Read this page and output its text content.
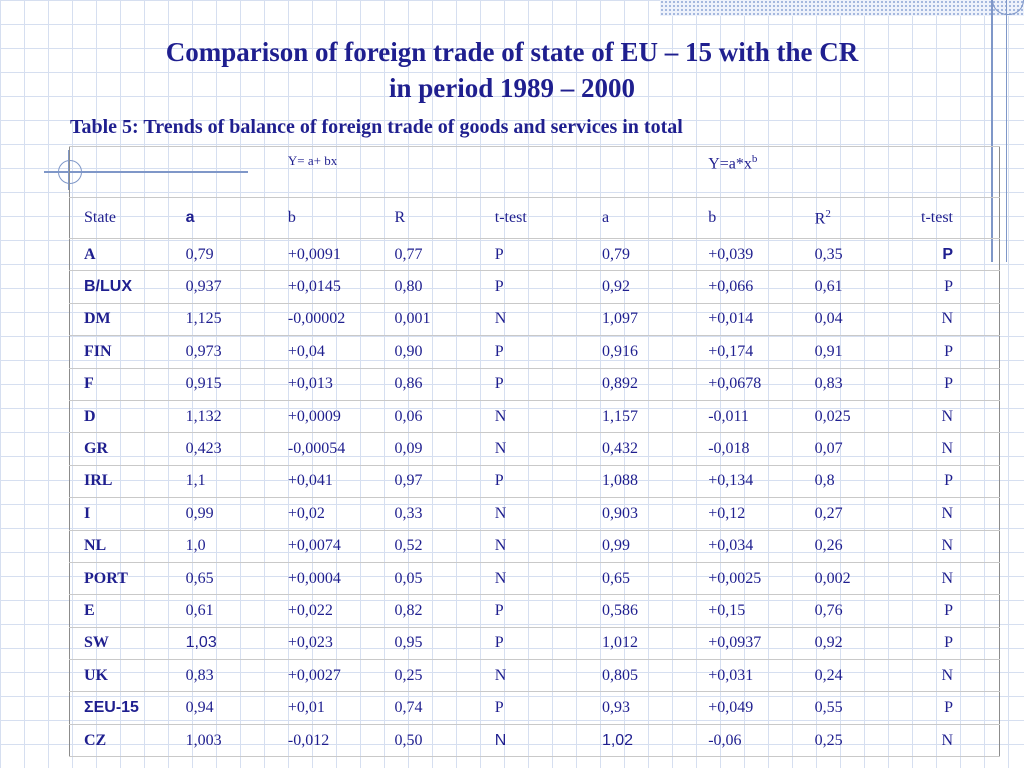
Comparison of foreign trade of state of EU – 15 with the CR
in period 1989 – 2000
Table 5: Trends of balance of foreign trade of goods and services in total
		Y= a+ bx				$Y=a*x^b$		
State	a	b	R	t-test	a	b	$R^2$	t-test
A	0,79	+0,0091	0,77	P	0,79	+0,039	0,35	P
B/LUX	0,937	+0,0145	0,80	P	0,92	+0,066	0,61	P
DM	1,125	-0,00002	0,001	N	1,097	+0,014	0,04	N
FIN	0,973	+0,04	0,90	P	0,916	+0,174	0,91	P
F	0,915	+0,013	0,86	P	0,892	+0,0678	0,83	P
D	1,132	+0,0009	0,06	N	1,157	-0,011	0,025	N
GR	0,423	-0,00054	0,09	N	0,432	-0,018	0,07	N
IRL	1,1	+0,041	0,97	P	1,088	+0,134	0,8	P
I	0,99	+0,02	0,33	N	0,903	+0,12	0,27	N
NL	1,0	+0,0074	0,52	N	0,99	+0,034	0,26	N
PORT	0,65	+0,0004	0,05	N	0,65	+0,0025	0,002	N
E	0,61	+0,022	0,82	P	0,586	+0,15	0,76	P
SW	1,03	+0,023	0,95	P	1,012	+0,0937	0,92	P
UK	0,83	+0,0027	0,25	N	0,805	+0,031	0,24	N
ΣEU-15	0,94	+0,01	0,74	P	0,93	+0,049	0,55	P
CZ	1,003	-0,012	0,50	N	1,02	-0,06	0,25	N
